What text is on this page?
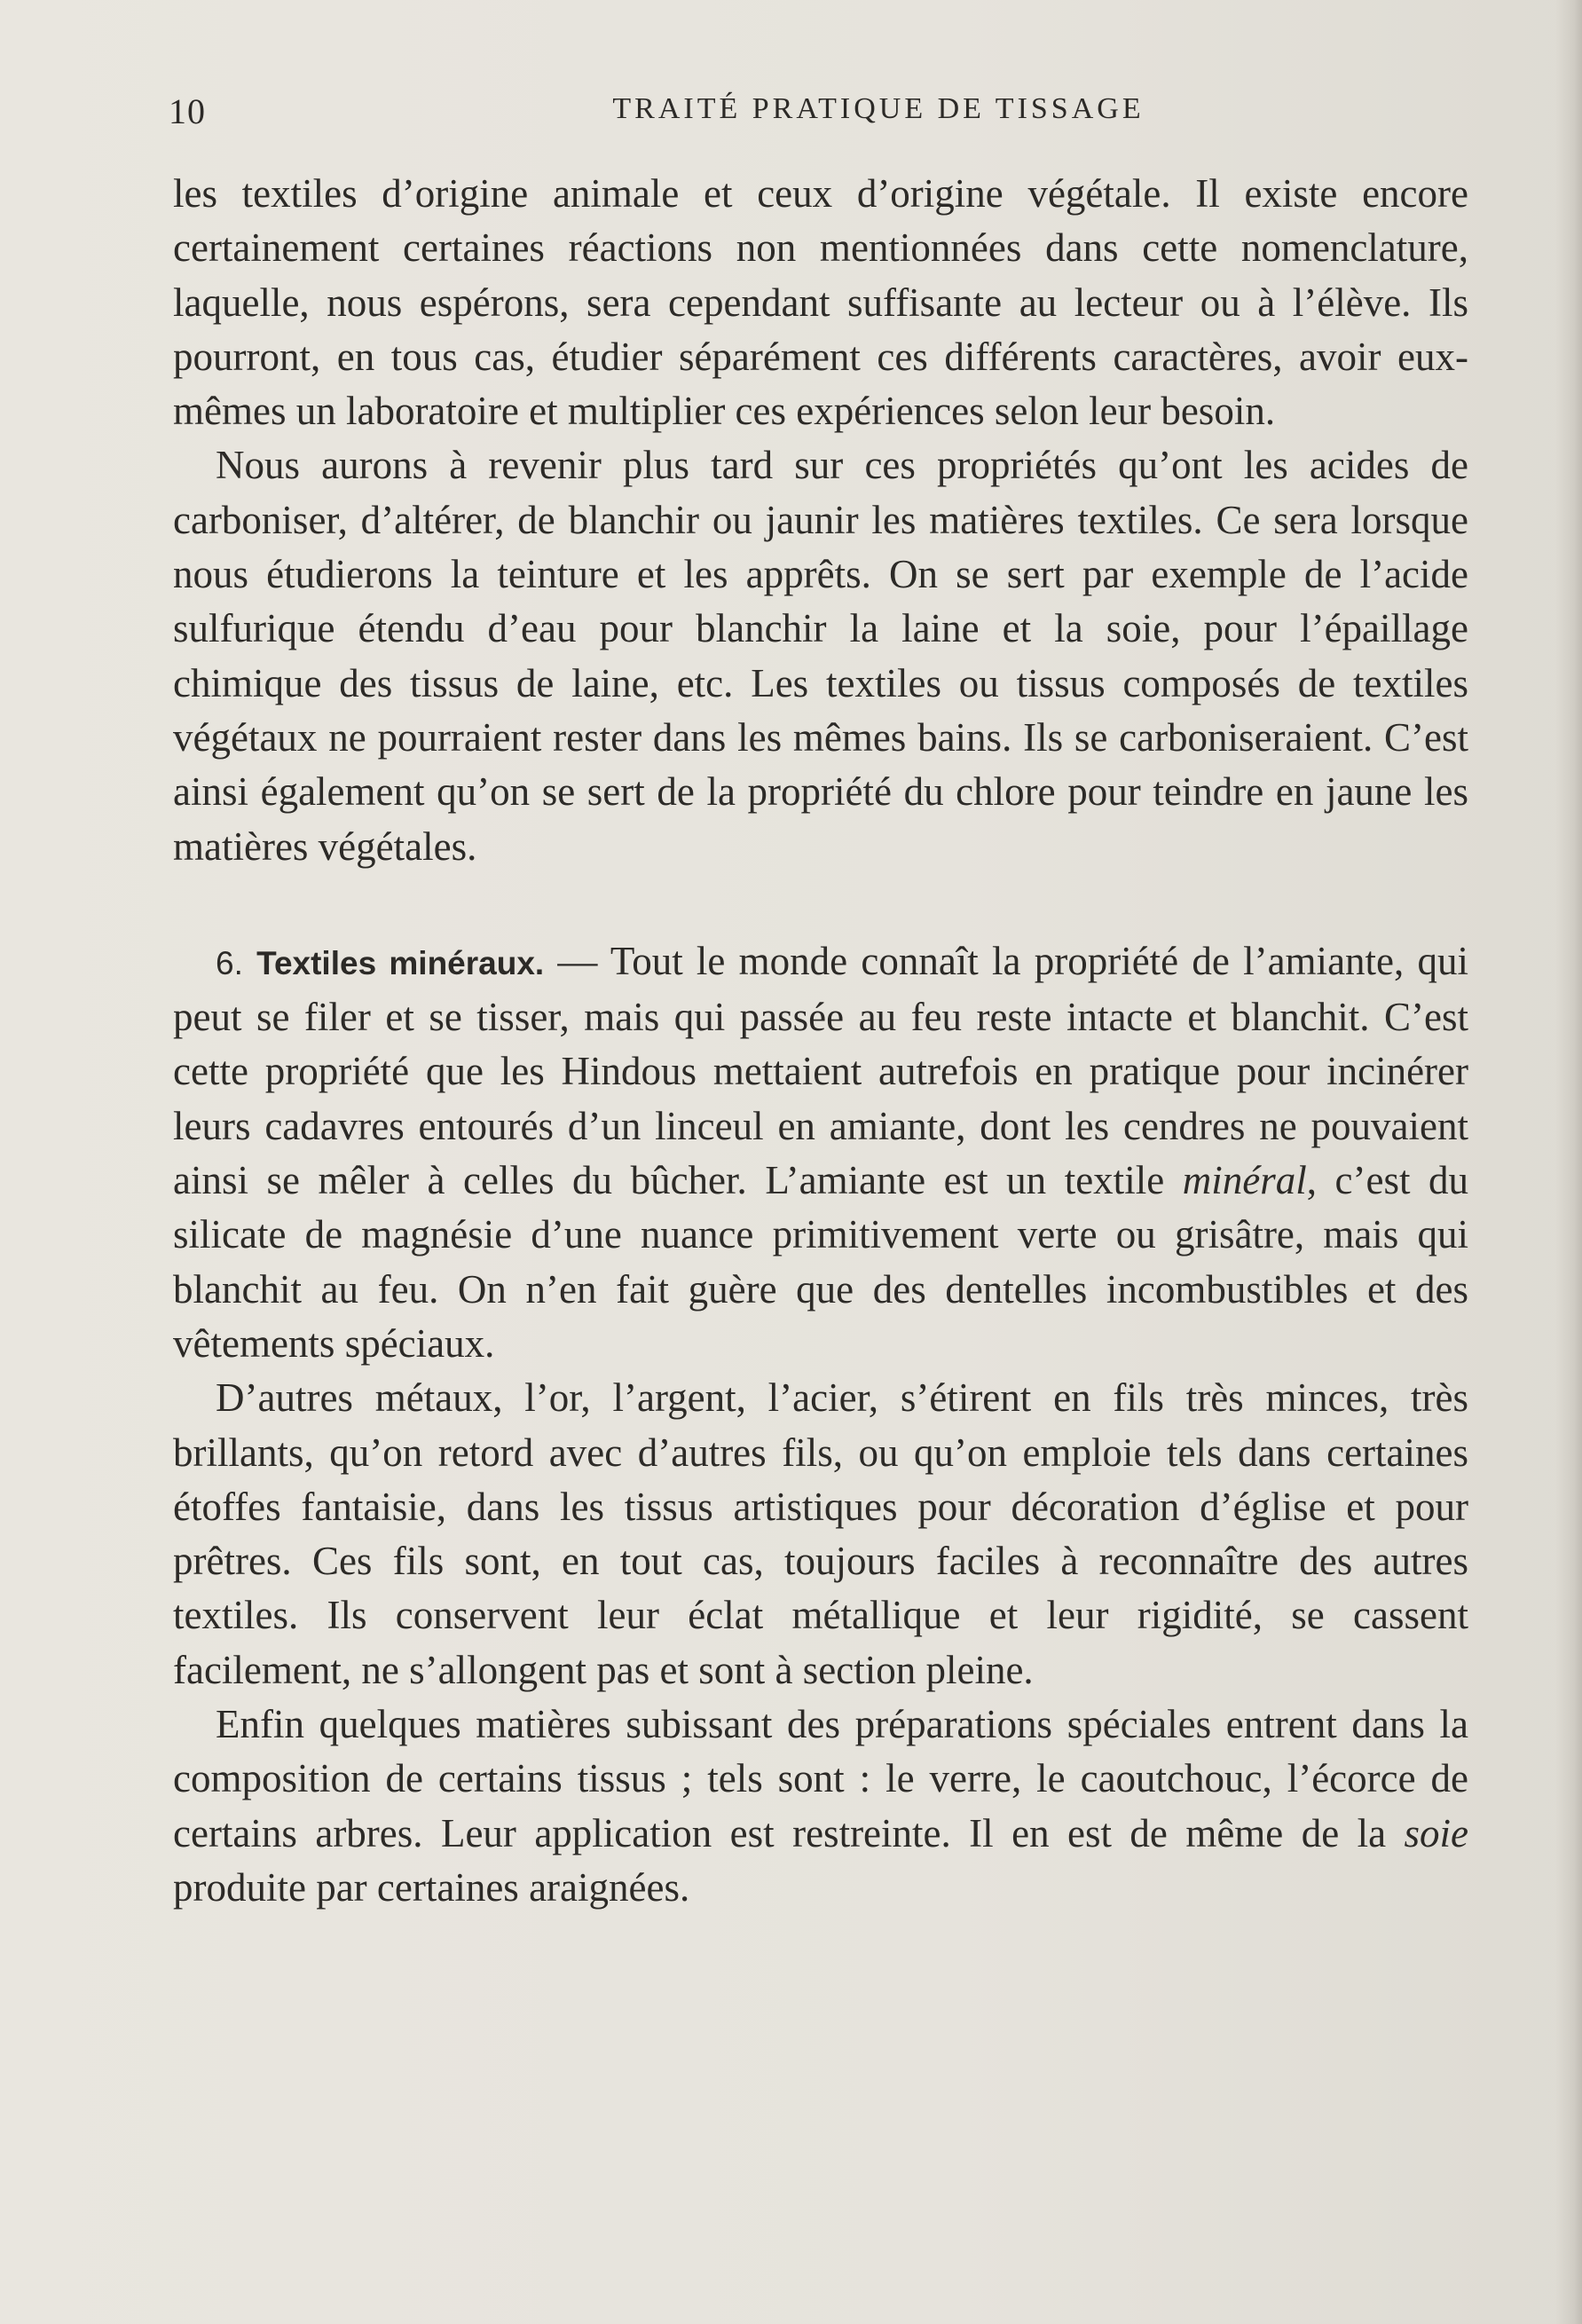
10	TRAITÉ PRATIQUE DE TISSAGE

les textiles d’origine animale et ceux d’origine végétale. Il existe encore certainement certaines réactions non mentionnées dans cette nomenclature, laquelle, nous espérons, sera cependant suffisante au lecteur ou à l’élève. Ils pourront, en tous cas, étudier séparément ces différents caractères, avoir eux-mêmes un laboratoire et multiplier ces expériences selon leur besoin.

Nous aurons à revenir plus tard sur ces propriétés qu’ont les acides de carboniser, d’altérer, de blanchir ou jaunir les matières textiles. Ce sera lorsque nous étudierons la teinture et les apprêts. On se sert par exemple de l’acide sulfurique étendu d’eau pour blanchir la laine et la soie, pour l’épaillage chimique des tissus de laine, etc. Les textiles ou tissus composés de textiles végétaux ne pourraient rester dans les mêmes bains. Ils se carboniseraient. C’est ainsi également qu’on se sert de la propriété du chlore pour teindre en jaune les matières végétales.

6. Textiles minéraux. — Tout le monde connaît la propriété de l’amiante, qui peut se filer et se tisser, mais qui passée au feu reste intacte et blanchit. C’est cette propriété que les Hindous mettaient autrefois en pratique pour incinérer leurs cadavres entourés d’un linceul en amiante, dont les cendres ne pouvaient ainsi se mêler à celles du bûcher. L’amiante est un textile minéral, c’est du silicate de magnésie d’une nuance primitivement verte ou grisâtre, mais qui blanchit au feu. On n’en fait guère que des dentelles incombustibles et des vêtements spéciaux.

D’autres métaux, l’or, l’argent, l’acier, s’étirent en fils très minces, très brillants, qu’on retord avec d’autres fils, ou qu’on emploie tels dans certaines étoffes fantaisie, dans les tissus artistiques pour décoration d’église et pour prêtres. Ces fils sont, en tout cas, toujours faciles à reconnaître des autres textiles. Ils conservent leur éclat métallique et leur rigidité, se cassent facilement, ne s’allongent pas et sont à section pleine.

Enfin quelques matières subissant des préparations spéciales entrent dans la composition de certains tissus ; tels sont : le verre, le caoutchouc, l’écorce de certains arbres. Leur application est restreinte. Il en est de même de la soie produite par certaines araignées.
